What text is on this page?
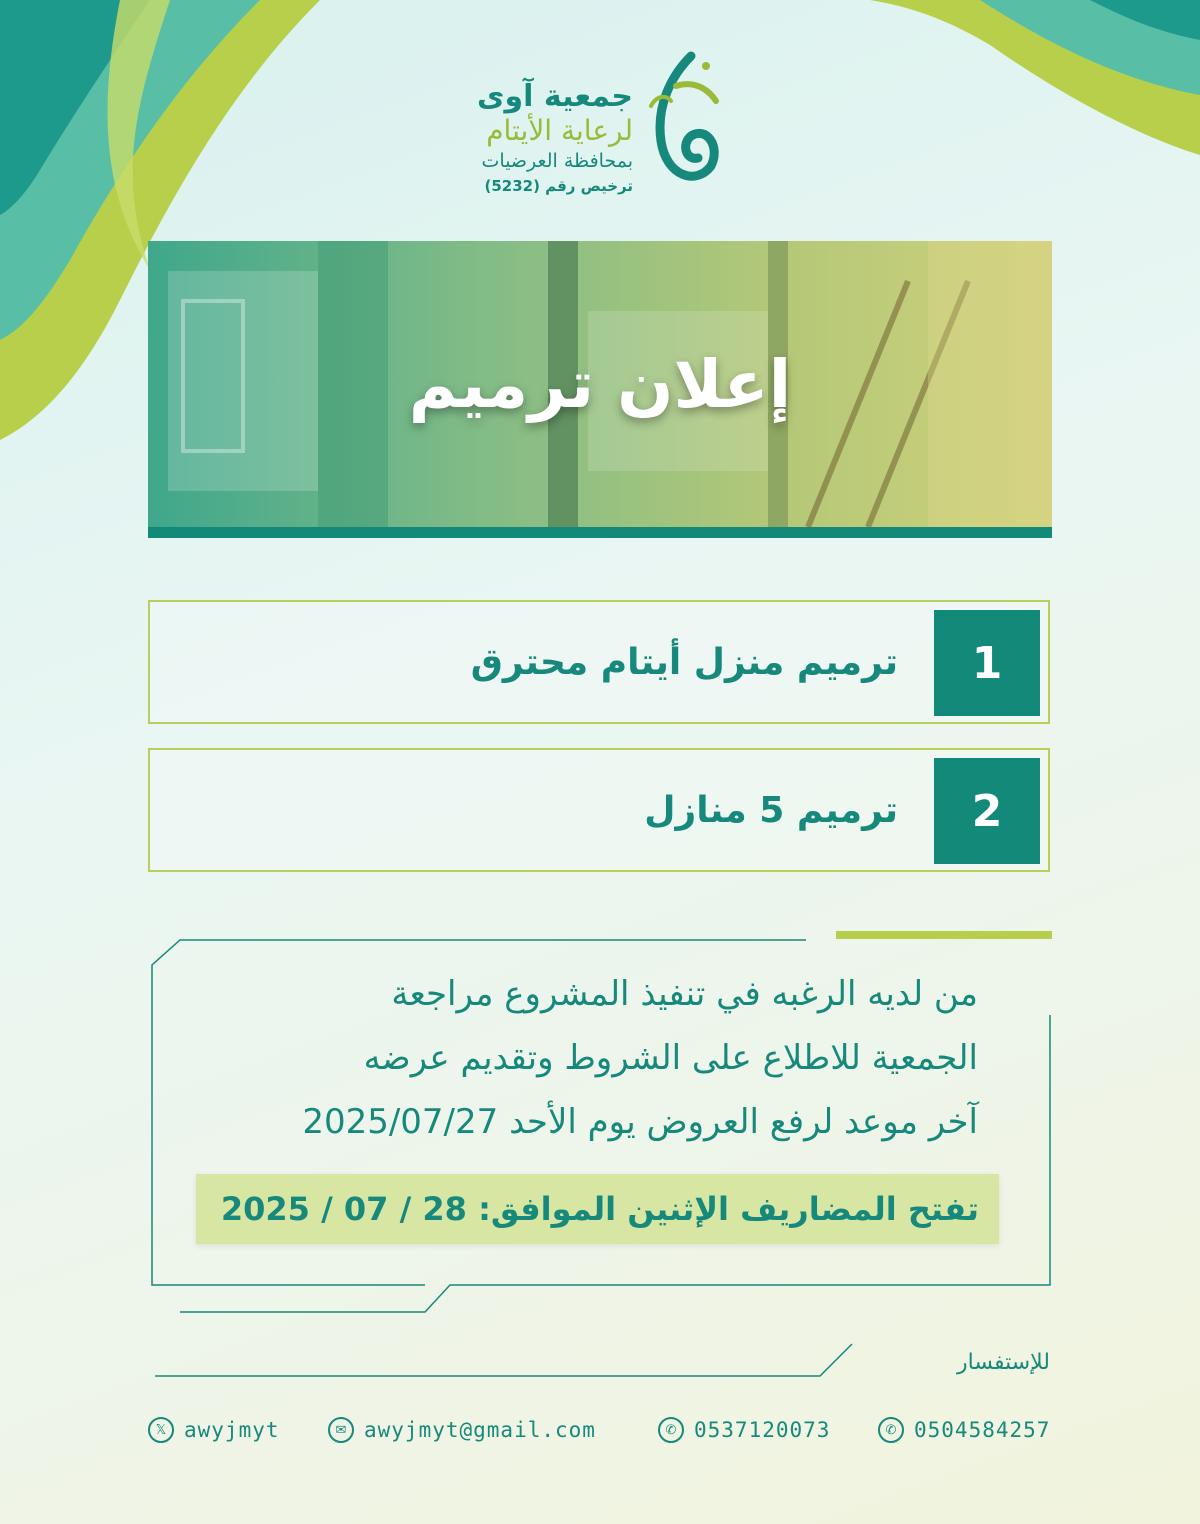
جمعية آوى
لرعاية الأيتام
بمحافظة العرضيات
ترخيص رقم (5232)
إعلان ترميم
1
ترميم منزل أيتام محترق
2
ترميم 5 منازل
من لديه الرغبه في تنفيذ المشروع مراجعة
الجمعية للاطلاع على الشروط وتقديم عرضه
آخر موعد لرفع العروض يوم الأحد 2025/07/27
تفتح المضاريف الإثنين الموافق: 28 / 07 / 2025
للإستفسار
𝕏 awyjmyt	✉ awyjmyt@gmail.com	✆ 0537120073	✆ 0504584257
